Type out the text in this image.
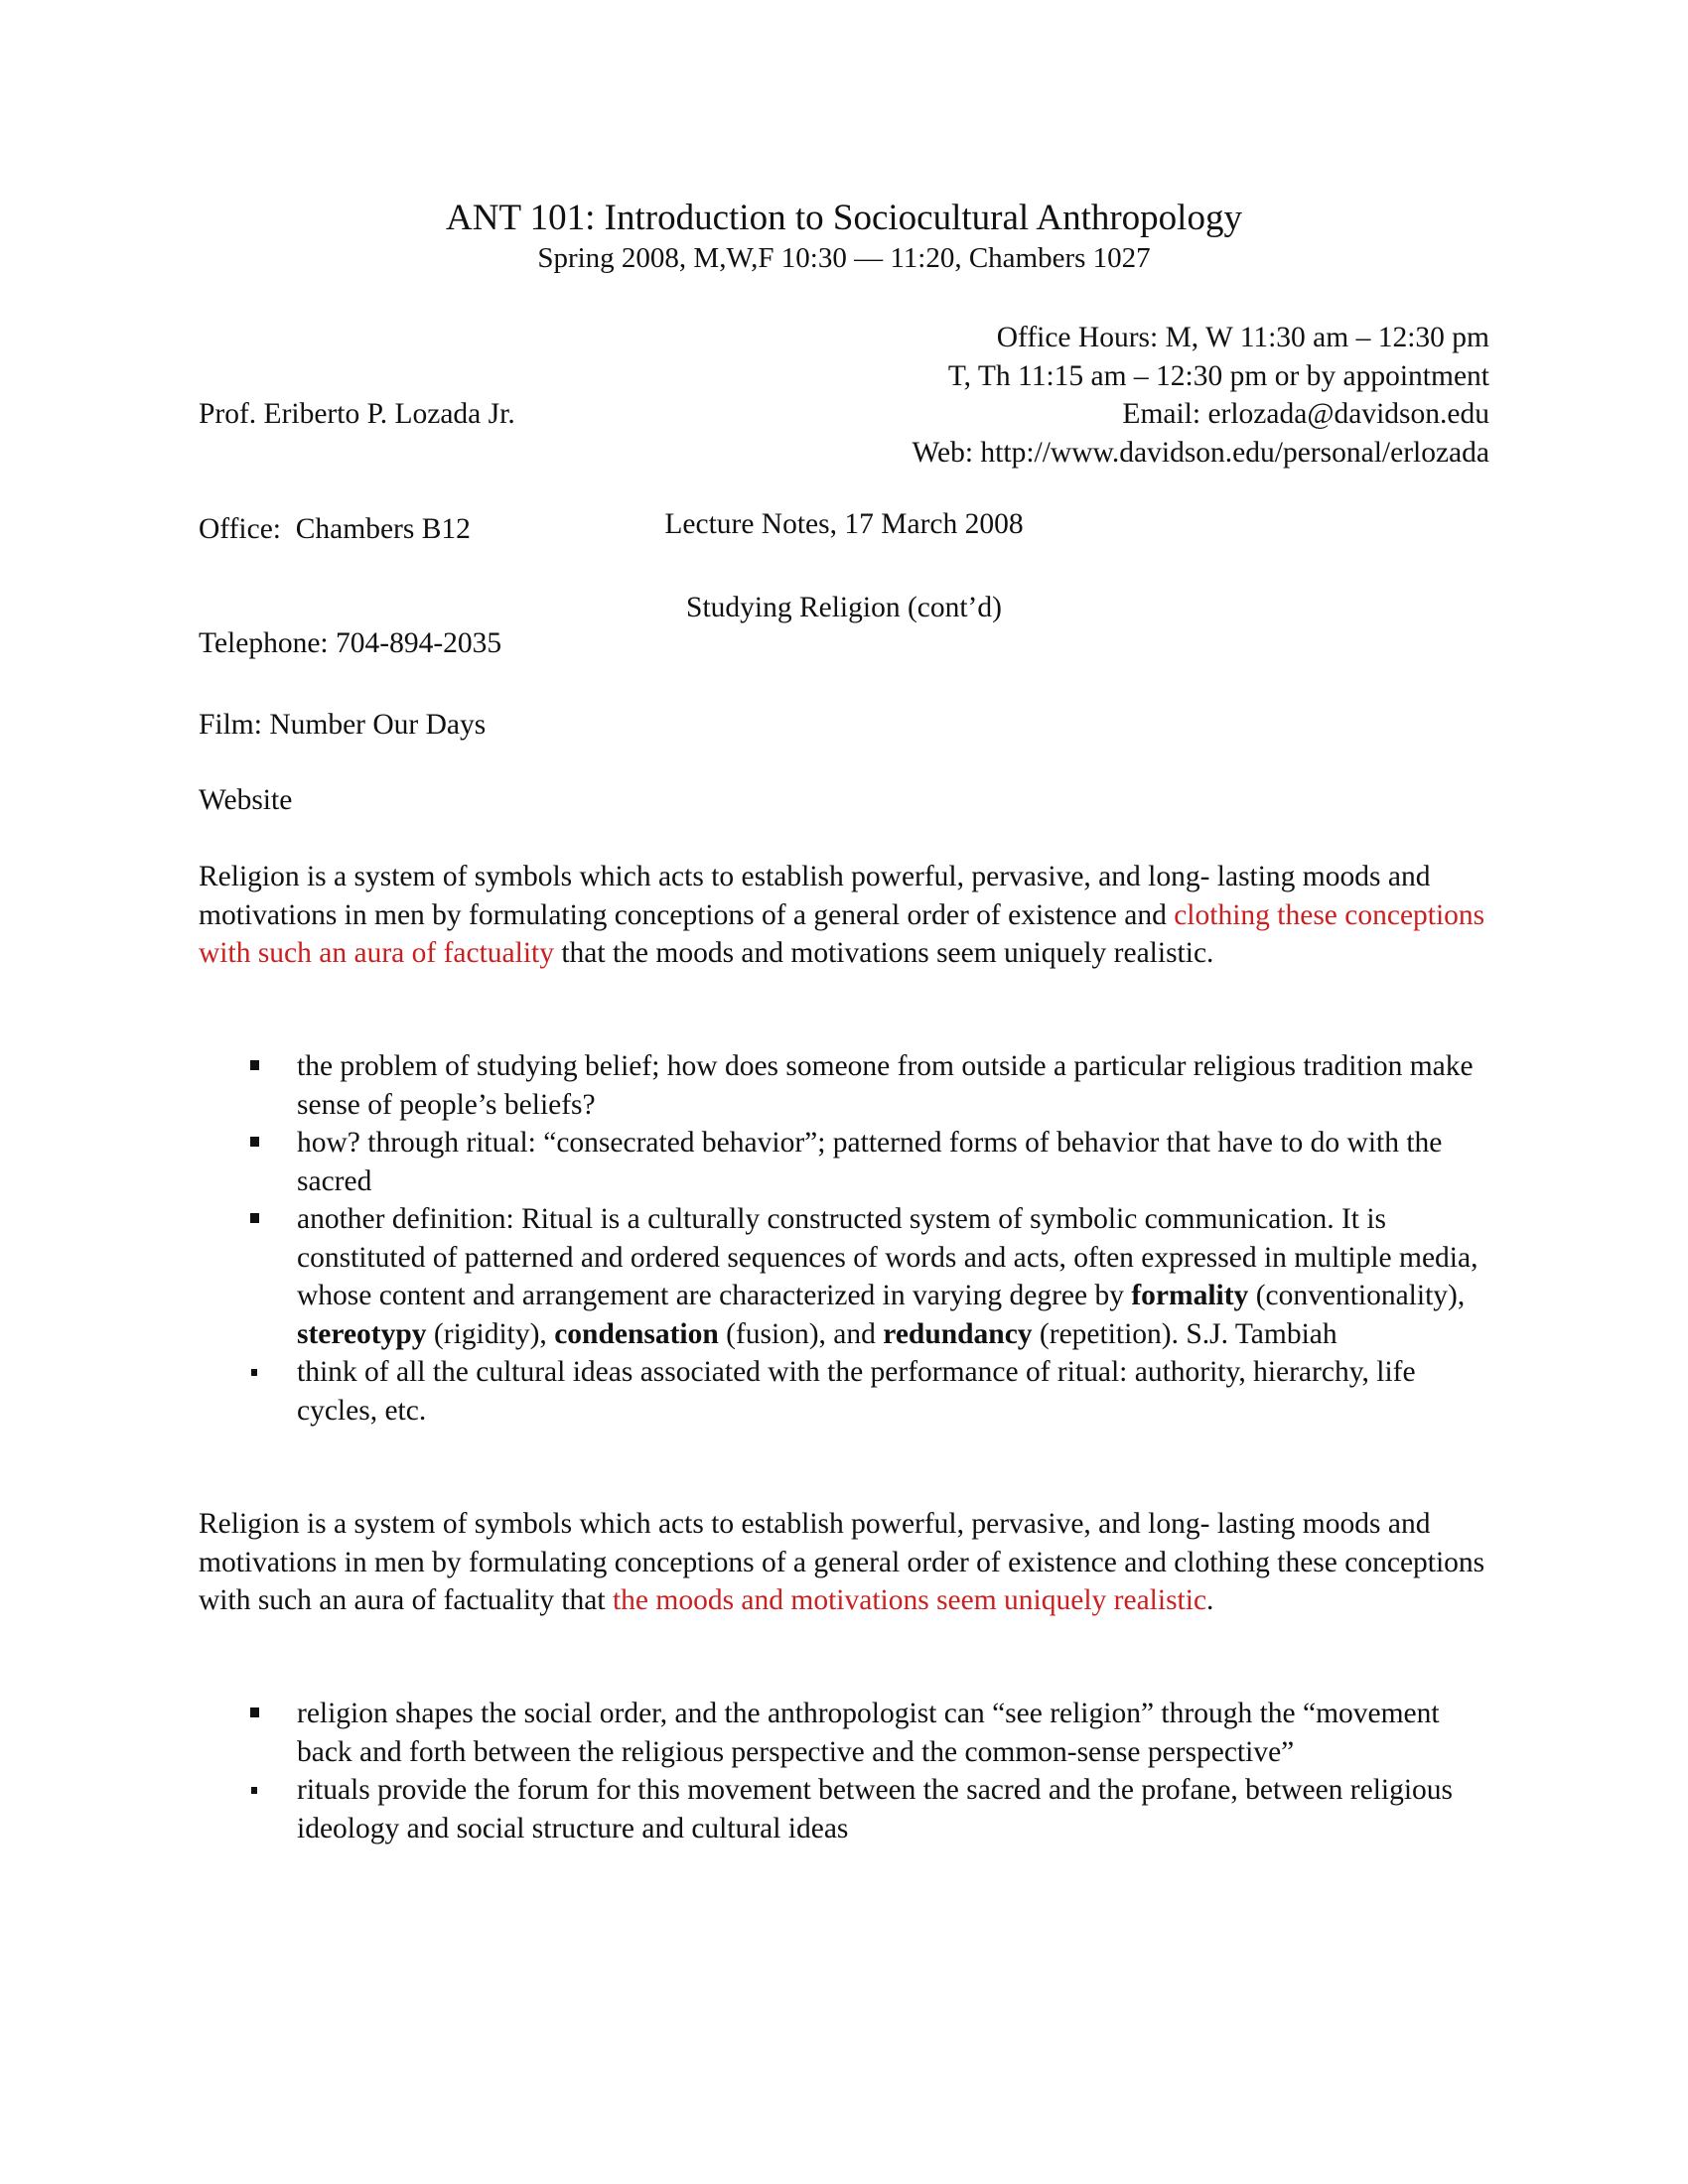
ANT 101: Introduction to Sociocultural Anthropology
Spring 2008, M,W,F 10:30 — 11:20, Chambers 1027

Prof. Eriberto P. Lozada Jr.

Office:  Chambers B12

Telephone: 704-894-2035

Office Hours: M, W 11:30 am – 12:30 pm
T, Th 11:15 am – 12:30 pm or by appointment
Email: erlozada@davidson.edu
Web: http://www.davidson.edu/personal/erlozada
Lecture Notes, 17 March 2008
Studying Religion (cont’d)
Film: Number Our Days
Website

Religion is a system of symbols which acts to establish powerful, pervasive, and long- lasting moods and motivations in men by formulating conceptions of a general order of existence and clothing these conceptions with such an aura of factuality that the moods and motivations seem uniquely realistic.

the problem of studying belief; how does someone from outside a particular religious tradition make sense of people’s beliefs?
how? through ritual: “consecrated behavior”; patterned forms of behavior that have to do with the sacred
another definition: Ritual is a culturally constructed system of symbolic communication. It is constituted of patterned and ordered sequences of words and acts, often expressed in multiple media, whose content and arrangement are characterized in varying degree by formality (conventionality), stereotypy (rigidity), condensation (fusion), and redundancy (repetition). S.J. Tambiah
think of all the cultural ideas associated with the performance of ritual: authority, hierarchy, life cycles, etc.

Religion is a system of symbols which acts to establish powerful, pervasive, and long- lasting moods and motivations in men by formulating conceptions of a general order of existence and clothing these conceptions with such an aura of factuality that the moods and motivations seem uniquely realistic.

religion shapes the social order, and the anthropologist can “see religion” through the “movement back and forth between the religious perspective and the common-sense perspective”
rituals provide the forum for this movement between the sacred and the profane, between religious ideology and social structure and cultural ideas
